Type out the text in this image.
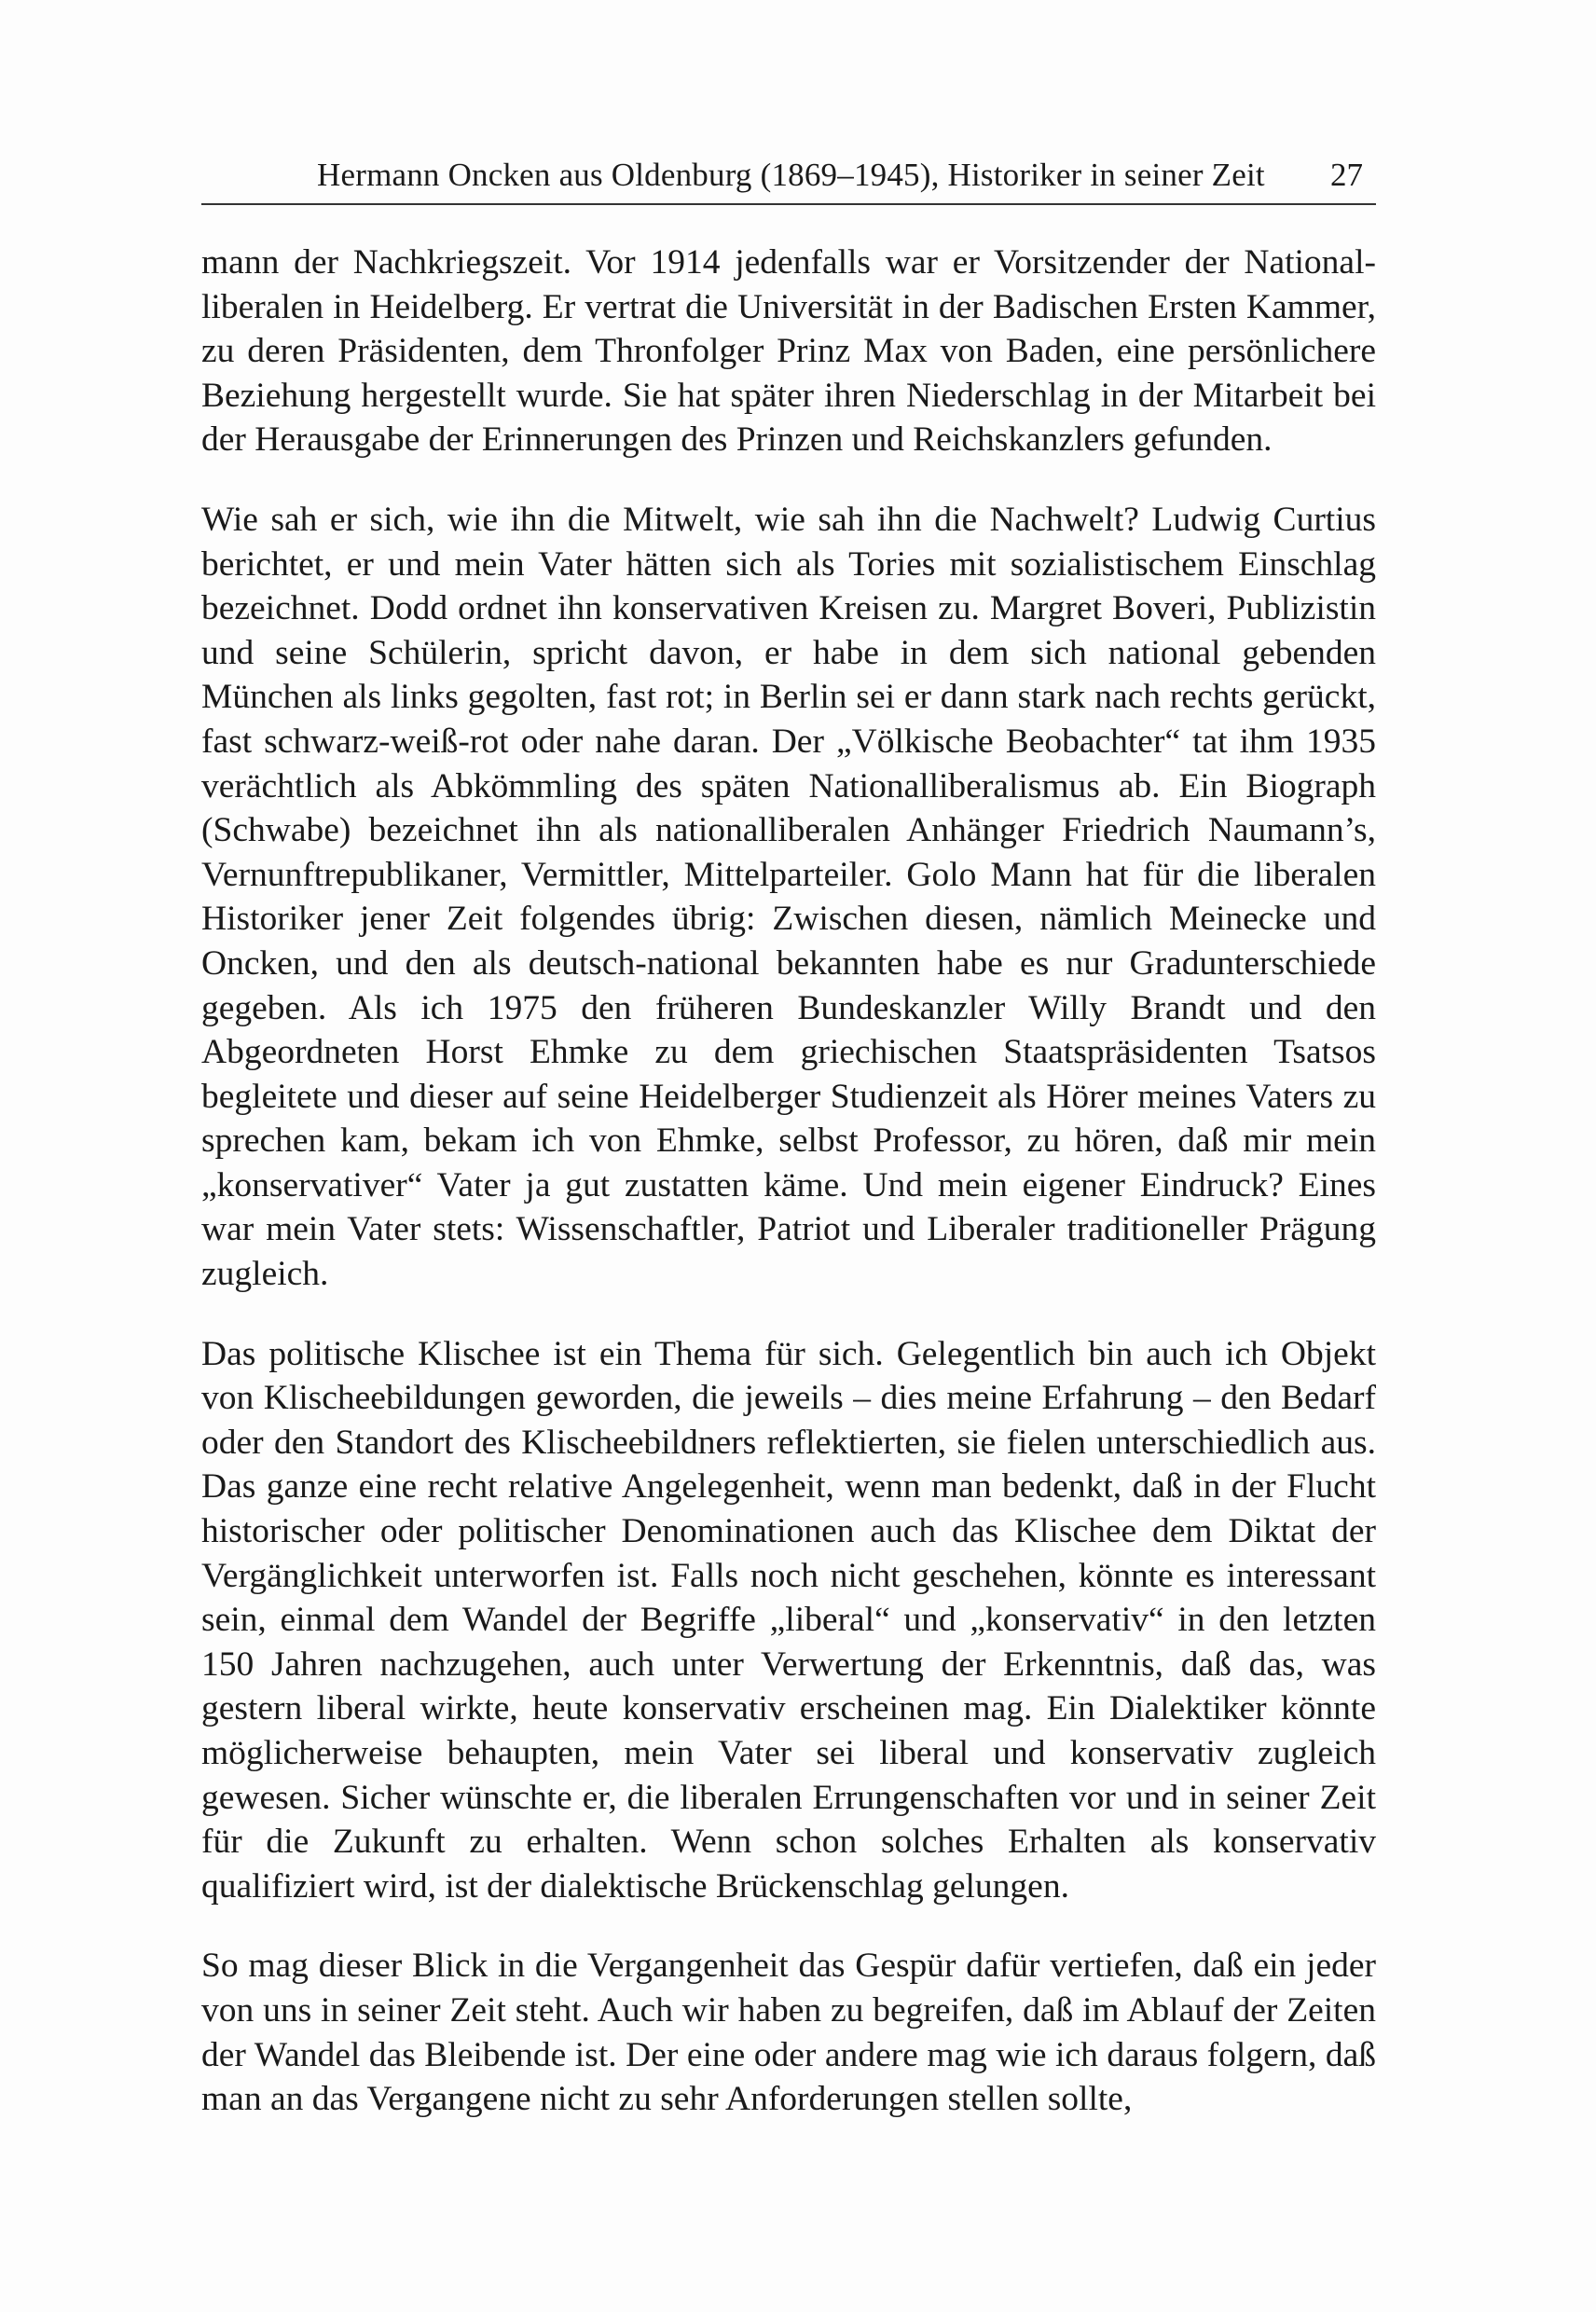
Hermann Oncken aus Oldenburg (1869–1945), Historiker in seiner Zeit 27

mann der Nachkriegszeit. Vor 1914 jedenfalls war er Vorsitzender der Nationalliberalen in Heidelberg. Er vertrat die Universität in der Badischen Ersten Kammer, zu deren Präsidenten, dem Thronfolger Prinz Max von Baden, eine persönlichere Beziehung hergestellt wurde. Sie hat später ihren Niederschlag in der Mitarbeit bei der Herausgabe der Erinnerungen des Prinzen und Reichskanzlers gefunden.

Wie sah er sich, wie ihn die Mitwelt, wie sah ihn die Nachwelt? Ludwig Curtius berichtet, er und mein Vater hätten sich als Tories mit sozialistischem Einschlag bezeichnet. Dodd ordnet ihn konservativen Kreisen zu. Margret Boveri, Publizistin und seine Schülerin, spricht davon, er habe in dem sich national gebenden München als links gegolten, fast rot; in Berlin sei er dann stark nach rechts gerückt, fast schwarz-weiß-rot oder nahe daran. Der „Völkische Beobachter“ tat ihm 1935 verächtlich als Abkömmling des späten Nationalliberalismus ab. Ein Biograph (Schwabe) bezeichnet ihn als nationalliberalen Anhänger Friedrich Naumann’s, Vernunftrepublikaner, Vermittler, Mittelparteiler. Golo Mann hat für die liberalen Historiker jener Zeit folgendes übrig: Zwischen diesen, nämlich Meinecke und Oncken, und den als deutsch-national bekannten habe es nur Gradunterschiede gegeben. Als ich 1975 den früheren Bundeskanzler Willy Brandt und den Abgeordneten Horst Ehmke zu dem griechischen Staatspräsidenten Tsatsos begleitete und dieser auf seine Heidelberger Studienzeit als Hörer meines Vaters zu sprechen kam, bekam ich von Ehmke, selbst Professor, zu hören, daß mir mein „konservativer“ Vater ja gut zustatten käme. Und mein eigener Eindruck? Eines war mein Vater stets: Wissenschaftler, Patriot und Liberaler traditioneller Prägung zugleich.

Das politische Klischee ist ein Thema für sich. Gelegentlich bin auch ich Objekt von Klischeebildungen geworden, die jeweils – dies meine Erfahrung – den Bedarf oder den Standort des Klischeebildners reflektierten, sie fielen unterschiedlich aus. Das ganze eine recht relative Angelegenheit, wenn man bedenkt, daß in der Flucht historischer oder politischer Denominationen auch das Klischee dem Diktat der Vergänglichkeit unterworfen ist. Falls noch nicht geschehen, könnte es interessant sein, einmal dem Wandel der Begriffe „liberal“ und „konservativ“ in den letzten 150 Jahren nachzugehen, auch unter Verwertung der Erkenntnis, daß das, was gestern liberal wirkte, heute konservativ erscheinen mag. Ein Dialektiker könnte möglicherweise behaupten, mein Vater sei liberal und konservativ zugleich gewesen. Sicher wünschte er, die liberalen Errungenschaften vor und in seiner Zeit für die Zukunft zu erhalten. Wenn schon solches Erhalten als konservativ qualifiziert wird, ist der dialektische Brückenschlag gelungen.

So mag dieser Blick in die Vergangenheit das Gespür dafür vertiefen, daß ein jeder von uns in seiner Zeit steht. Auch wir haben zu begreifen, daß im Ablauf der Zeiten der Wandel das Bleibende ist. Der eine oder andere mag wie ich daraus folgern, daß man an das Vergangene nicht zu sehr Anforderungen stellen sollte,
